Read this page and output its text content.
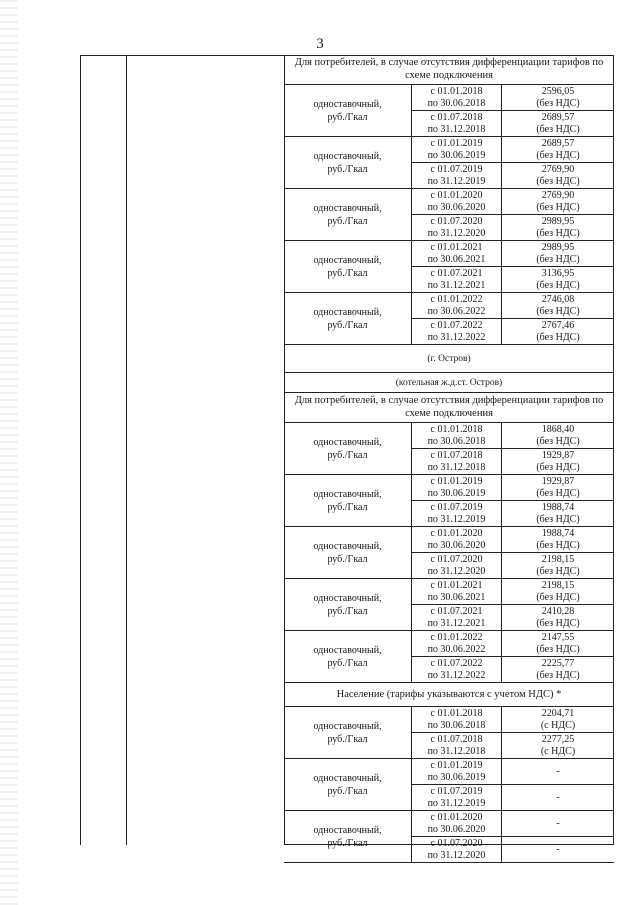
3
Для потребителей, в случае отсутствия дифференциации тарифов по схеме подключения
одноставочный,
руб./Гкал
с 01.01.2018
по 30.06.2018
2596,05
(без НДС)
с 01.07.2018
по 31.12.2018
2689,57
(без НДС)
одноставочный,
руб./Гкал
с 01.01.2019
по 30.06.2019
2689,57
(без НДС)
с 01.07.2019
по 31.12.2019
2769,90
(без НДС)
одноставочный,
руб./Гкал
с 01.01.2020
по 30.06.2020
2769,90
(без НДС)
с 01.07.2020
по 31.12.2020
2989,95
(без НДС)
одноставочный,
руб./Гкал
с 01.01.2021
по 30.06.2021
2989,95
(без НДС)
с 01.07.2021
по 31.12.2021
3136,95
(без НДС)
одноставочный,
руб./Гкал
с 01.01.2022
по 30.06.2022
2746,08
(без НДС)
с 01.07.2022
по 31.12.2022
2767,46
(без НДС)
(г. Остров)
(котельная ж.д.ст. Остров)
Для потребителей, в случае отсутствия дифференциации тарифов по схеме подключения
одноставочный,
руб./Гкал
с 01.01.2018
по 30.06.2018
1868,40
(без НДС)
с 01.07.2018
по 31.12.2018
1929,87
(без НДС)
одноставочный,
руб./Гкал
с 01.01.2019
по 30.06.2019
1929,87
(без НДС)
с 01.07.2019
по 31.12.2019
1988,74
(без НДС)
одноставочный,
руб./Гкал
с 01.01.2020
по 30.06.2020
1988,74
(без НДС)
с 01.07.2020
по 31.12.2020
2198,15
(без НДС)
одноставочный,
руб./Гкал
с 01.01.2021
по 30.06.2021
2198,15
(без НДС)
с 01.07.2021
по 31.12.2021
2410,28
(без НДС)
одноставочный,
руб./Гкал
с 01.01.2022
по 30.06.2022
2147,55
(без НДС)
с 01.07.2022
по 31.12.2022
2225,77
(без НДС)
Население (тарифы указываются с учетом НДС) *
одноставочный,
руб./Гкал
с 01.01.2018
по 30.06.2018
2204,71
(с НДС)
с 01.07.2018
по 31.12.2018
2277,25
(с НДС)
одноставочный,
руб./Гкал
с 01.01.2019
по 30.06.2019
-
с 01.07.2019
по 31.12.2019
-
одноставочный,
руб./Гкал
с 01.01.2020
по 30.06.2020
-
с 01.07.2020
по 31.12.2020
-
